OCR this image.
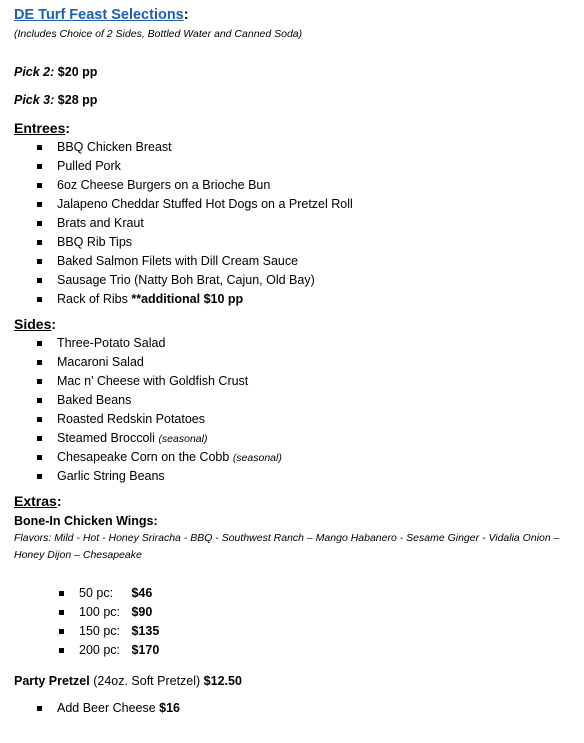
DE Turf Feast Selections:
(Includes Choice of 2 Sides, Bottled Water and Canned Soda)
Pick 2: $20 pp
Pick 3: $28 pp
Entrees:
BBQ Chicken Breast
Pulled Pork
6oz Cheese Burgers on a Brioche Bun
Jalapeno Cheddar Stuffed Hot Dogs on a Pretzel Roll
Brats and Kraut
BBQ Rib Tips
Baked Salmon Filets with Dill Cream Sauce
Sausage Trio (Natty Boh Brat, Cajun, Old Bay)
Rack of Ribs **additional $10 pp
Sides:
Three-Potato Salad
Macaroni Salad
Mac n’ Cheese with Goldfish Crust
Baked Beans
Roasted Redskin Potatoes
Steamed Broccoli (seasonal)
Chesapeake Corn on the Cobb (seasonal)
Garlic String Beans
Extras:
Bone-In Chicken Wings:
Flavors: Mild - Hot - Honey Sriracha - BBQ - Southwest Ranch – Mango Habanero - Sesame Ginger - Vidalia Onion – Honey Dijon – Chesapeake
50 pc: $46
100 pc: $90
150 pc: $135
200 pc: $170
Party Pretzel (24oz. Soft Pretzel) $12.50
Add Beer Cheese $16
